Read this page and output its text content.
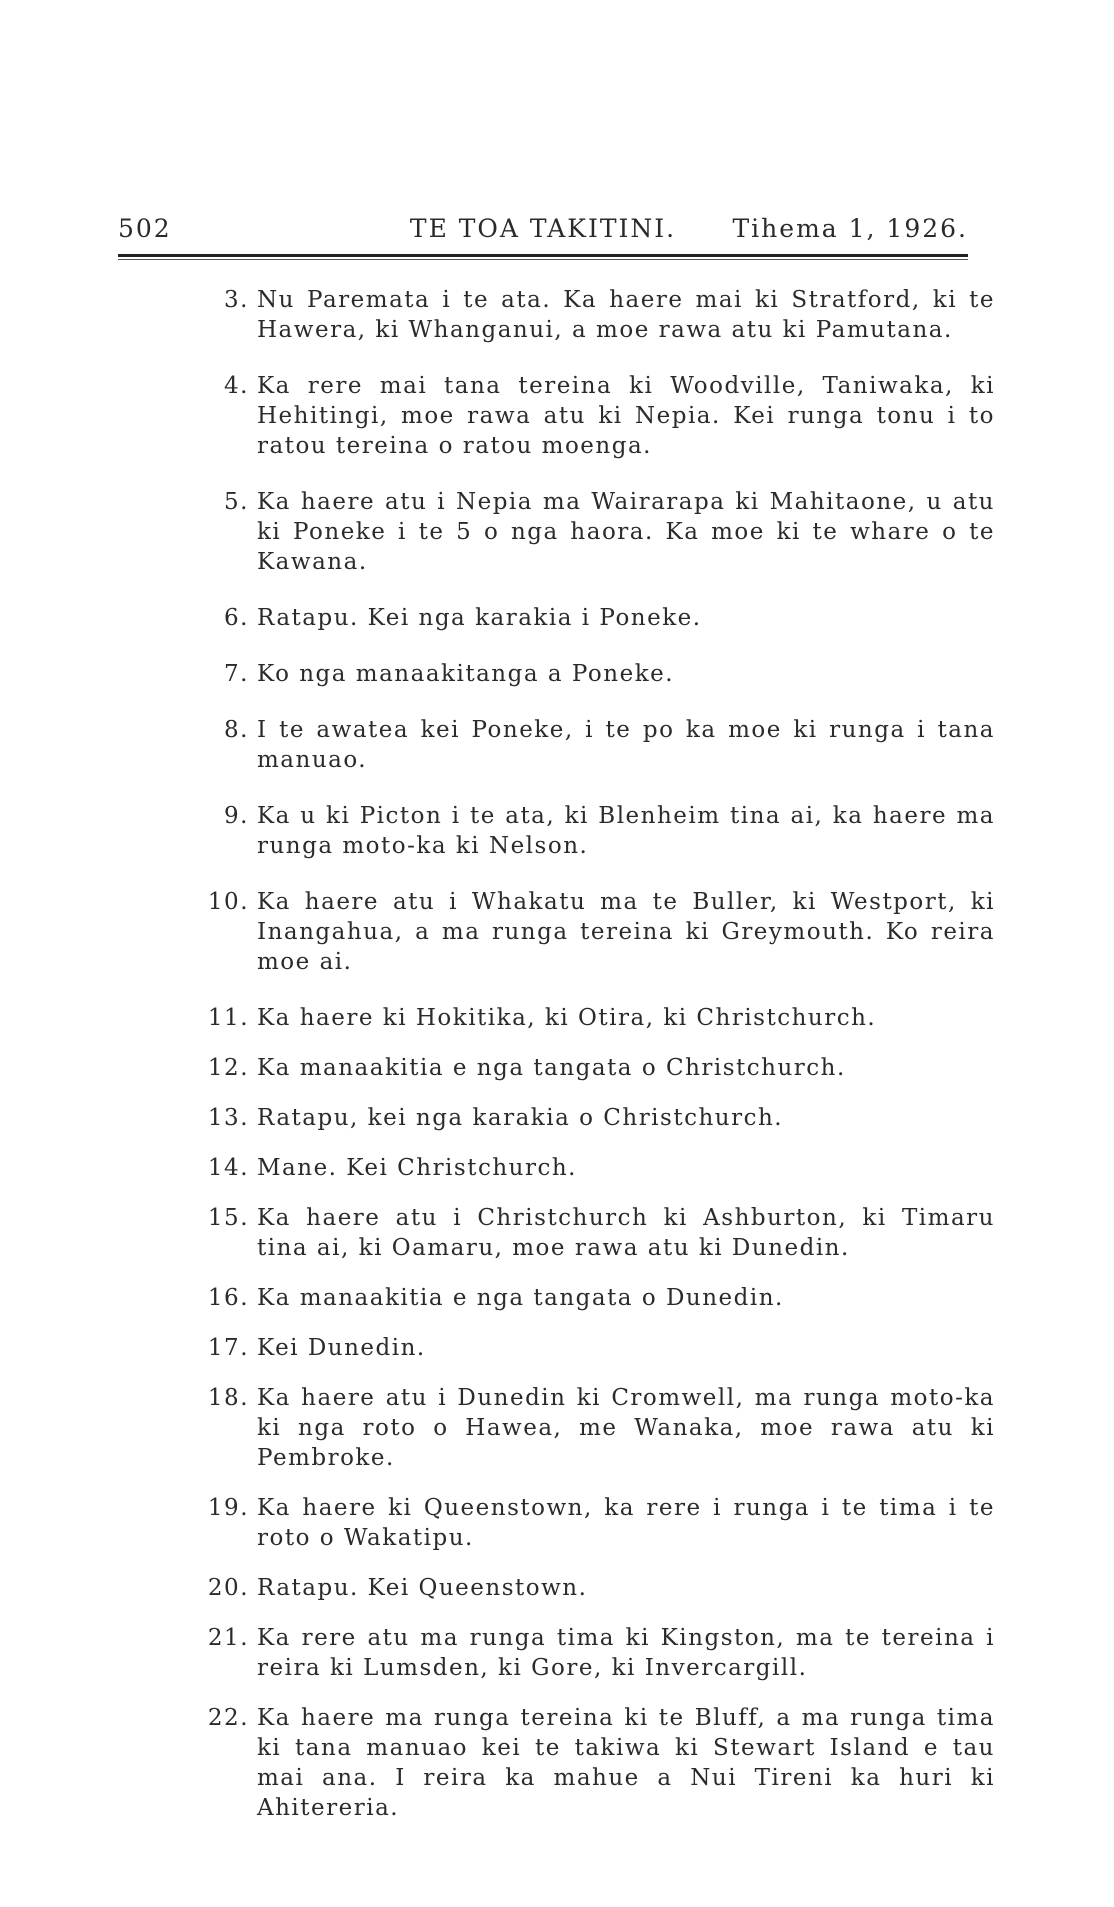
502	TE TOA TAKITINI.	Tihema 1, 1926.
3. Nu Paremata i te ata. Ka haere mai ki Stratford, ki te Hawera, ki Whanganui, a moe rawa atu ki Pamutana.
4. Ka rere mai tana tereina ki Woodville, Taniwaka, ki Hehitingi, moe rawa atu ki Nepia. Kei runga tonu i to ratou tereina o ratou moenga.
5. Ka haere atu i Nepia ma Wairarapa ki Mahitaone, u atu ki Poneke i te 5 o nga haora. Ka moe ki te whare o te Kawana.
6. Ratapu. Kei nga karakia i Poneke.
7. Ko nga manaakitanga a Poneke.
8. I te awatea kei Poneke, i te po ka moe ki runga i tana manuao.
9. Ka u ki Picton i te ata, ki Blenheim tina ai, ka haere ma runga moto-ka ki Nelson.
10. Ka haere atu i Whakatu ma te Buller, ki Westport, ki Inangahua, a ma runga tereina ki Greymouth. Ko reira moe ai.
11. Ka haere ki Hokitika, ki Otira, ki Christchurch.
12. Ka manaakitia e nga tangata o Christchurch.
13. Ratapu, kei nga karakia o Christchurch.
14. Mane. Kei Christchurch.
15. Ka haere atu i Christchurch ki Ashburton, ki Timaru tina ai, ki Oamaru, moe rawa atu ki Dunedin.
16. Ka manaakitia e nga tangata o Dunedin.
17. Kei Dunedin.
18. Ka haere atu i Dunedin ki Cromwell, ma runga moto-ka ki nga roto o Hawea, me Wanaka, moe rawa atu ki Pembroke.
19. Ka haere ki Queenstown, ka rere i runga i te tima i te roto o Wakatipu.
20. Ratapu. Kei Queenstown.
21. Ka rere atu ma runga tima ki Kingston, ma te tereina i reira ki Lumsden, ki Gore, ki Invercargill.
22. Ka haere ma runga tereina ki te Bluff, a ma runga tima ki tana manuao kei te takiwa ki Stewart Island e tau mai ana. I reira ka mahue a Nui Tireni ka huri ki Ahitereria.
